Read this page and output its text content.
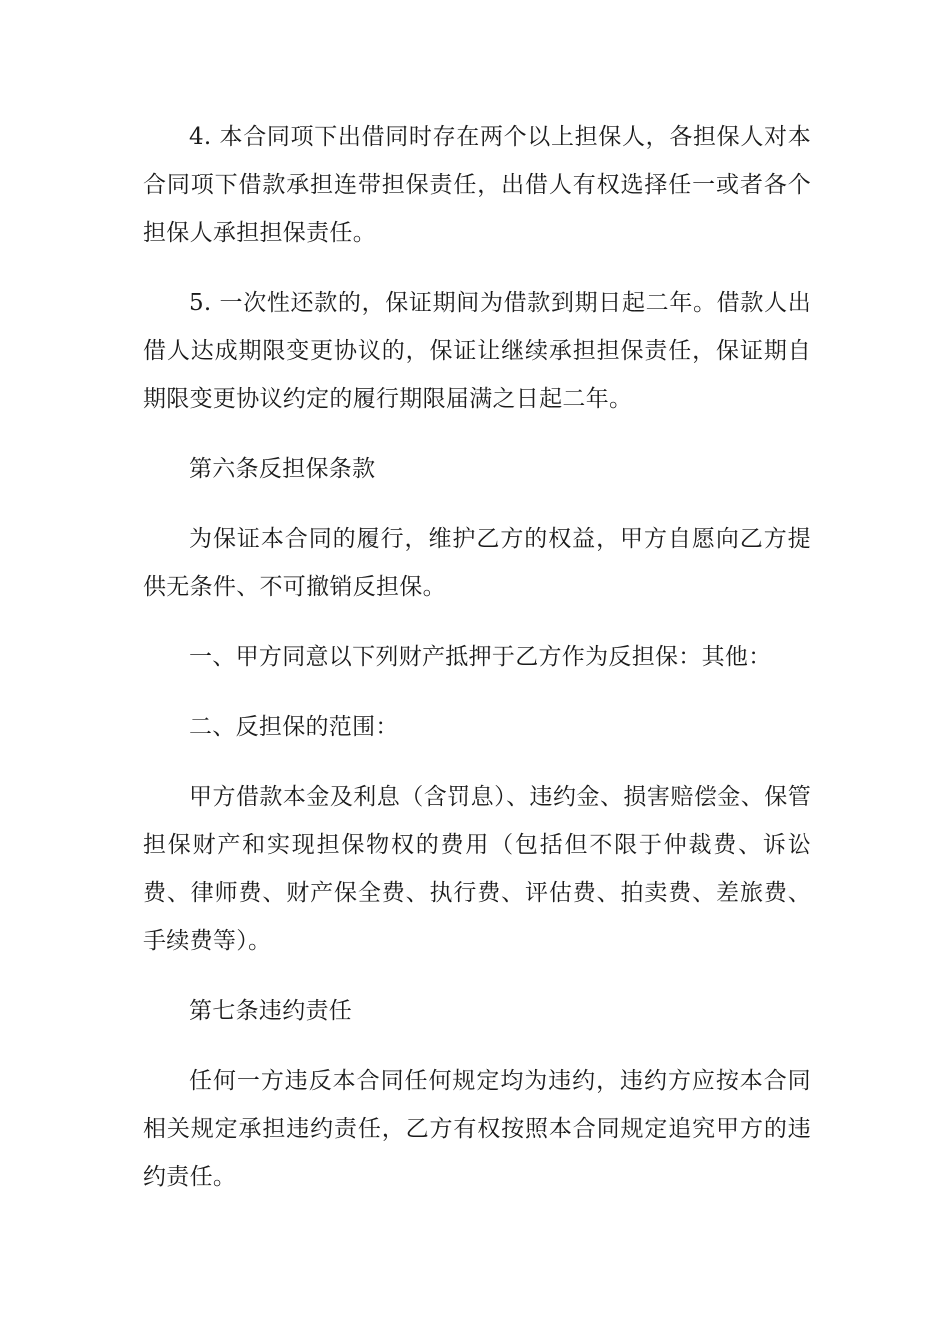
4. 本合同项下出借同时存在两个以上担保人，各担保人对本合同项下借款承担连带担保责任，出借人有权选择任一或者各个担保人承担担保责任。

5. 一次性还款的，保证期间为借款到期日起二年。借款人出借人达成期限变更协议的，保证让继续承担担保责任，保证期自期限变更协议约定的履行期限届满之日起二年。

第六条反担保条款

为保证本合同的履行，维护乙方的权益，甲方自愿向乙方提供无条件、不可撤销反担保。

一、甲方同意以下列财产抵押于乙方作为反担保：其他：

二、反担保的范围：

甲方借款本金及利息（含罚息）、违约金、损害赔偿金、保管担保财产和实现担保物权的费用（包括但不限于仲裁费、诉讼费、律师费、财产保全费、执行费、评估费、拍卖费、差旅费、手续费等）。

第七条违约责任

任何一方违反本合同任何规定均为违约，违约方应按本合同相关规定承担违约责任，乙方有权按照本合同规定追究甲方的违约责任。
